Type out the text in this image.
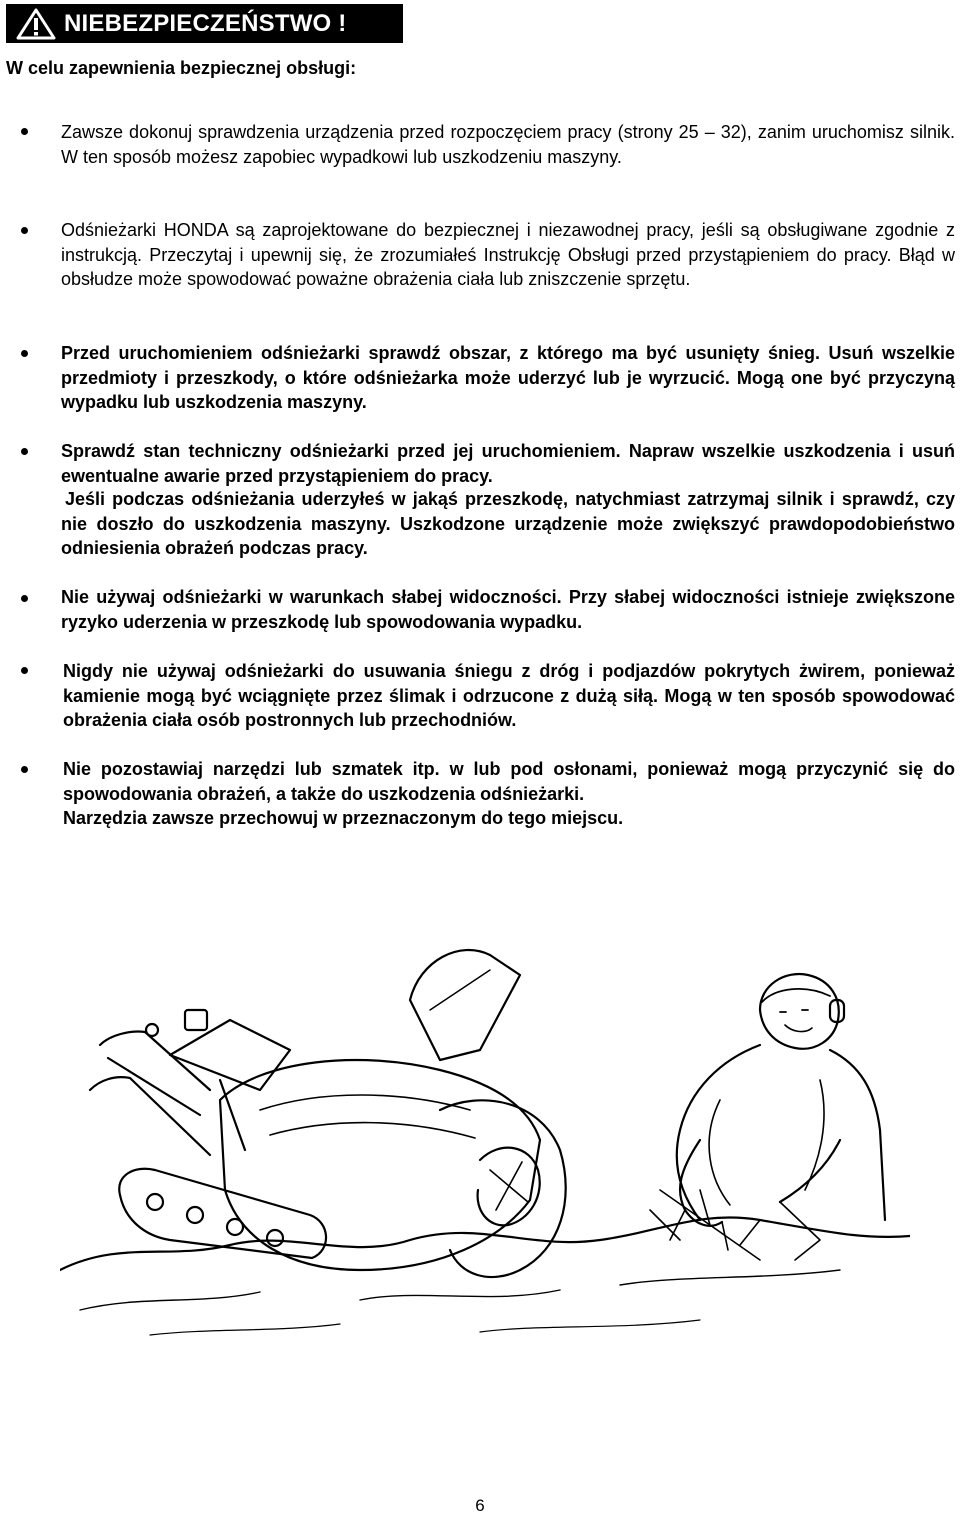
NIEBEZPIECZEŃSTWO !
W celu zapewnienia bezpiecznej obsługi:

Zawsze dokonuj sprawdzenia urządzenia przed rozpoczęciem pracy (strony 25 – 32), zanim uruchomisz silnik. W ten sposób możesz zapobiec wypadkowi lub uszkodzeniu maszyny.

Odśnieżarki HONDA są zaprojektowane do bezpiecznej i niezawodnej pracy, jeśli są obsługiwane zgodnie z instrukcją. Przeczytaj i upewnij się, że zrozumiałeś Instrukcję Obsługi przed przystąpieniem do pracy. Błąd w obsłudze może spowodować poważne obrażenia ciała lub zniszczenie sprzętu.

Przed uruchomieniem odśnieżarki sprawdź obszar, z którego ma być usunięty śnieg. Usuń wszelkie przedmioty i przeszkody, o które odśnieżarka może uderzyć lub je wyrzucić. Mogą one być przyczyną wypadku lub uszkodzenia maszyny.

Sprawdź stan techniczny odśnieżarki przed jej uruchomieniem. Napraw wszelkie uszkodzenia i usuń ewentualne awarie przed przystąpieniem do pracy.

Jeśli podczas odśnieżania uderzyłeś w jakąś przeszkodę, natychmiast zatrzymaj silnik i sprawdź, czy nie doszło do uszkodzenia maszyny. Uszkodzone urządzenie może zwiększyć prawdopodobieństwo odniesienia obrażeń podczas pracy.

Nie używaj odśnieżarki w warunkach słabej widoczności. Przy słabej widoczności istnieje zwiększone ryzyko uderzenia w przeszkodę lub spowodowania wypadku.

Nigdy nie używaj odśnieżarki do usuwania śniegu z dróg i podjazdów pokrytych żwirem, ponieważ kamienie mogą być wciągnięte przez ślimak i odrzucone z dużą siłą. Mogą w ten sposób spowodować obrażenia ciała osób postronnych lub przechodniów.

Nie pozostawiaj narzędzi lub szmatek itp. w lub pod osłonami, ponieważ mogą przyczynić się do spowodowania obrażeń, a także do uszkodzenia odśnieżarki.

Narzędzia zawsze przechowuj w przeznaczonym do tego miejscu.

6
